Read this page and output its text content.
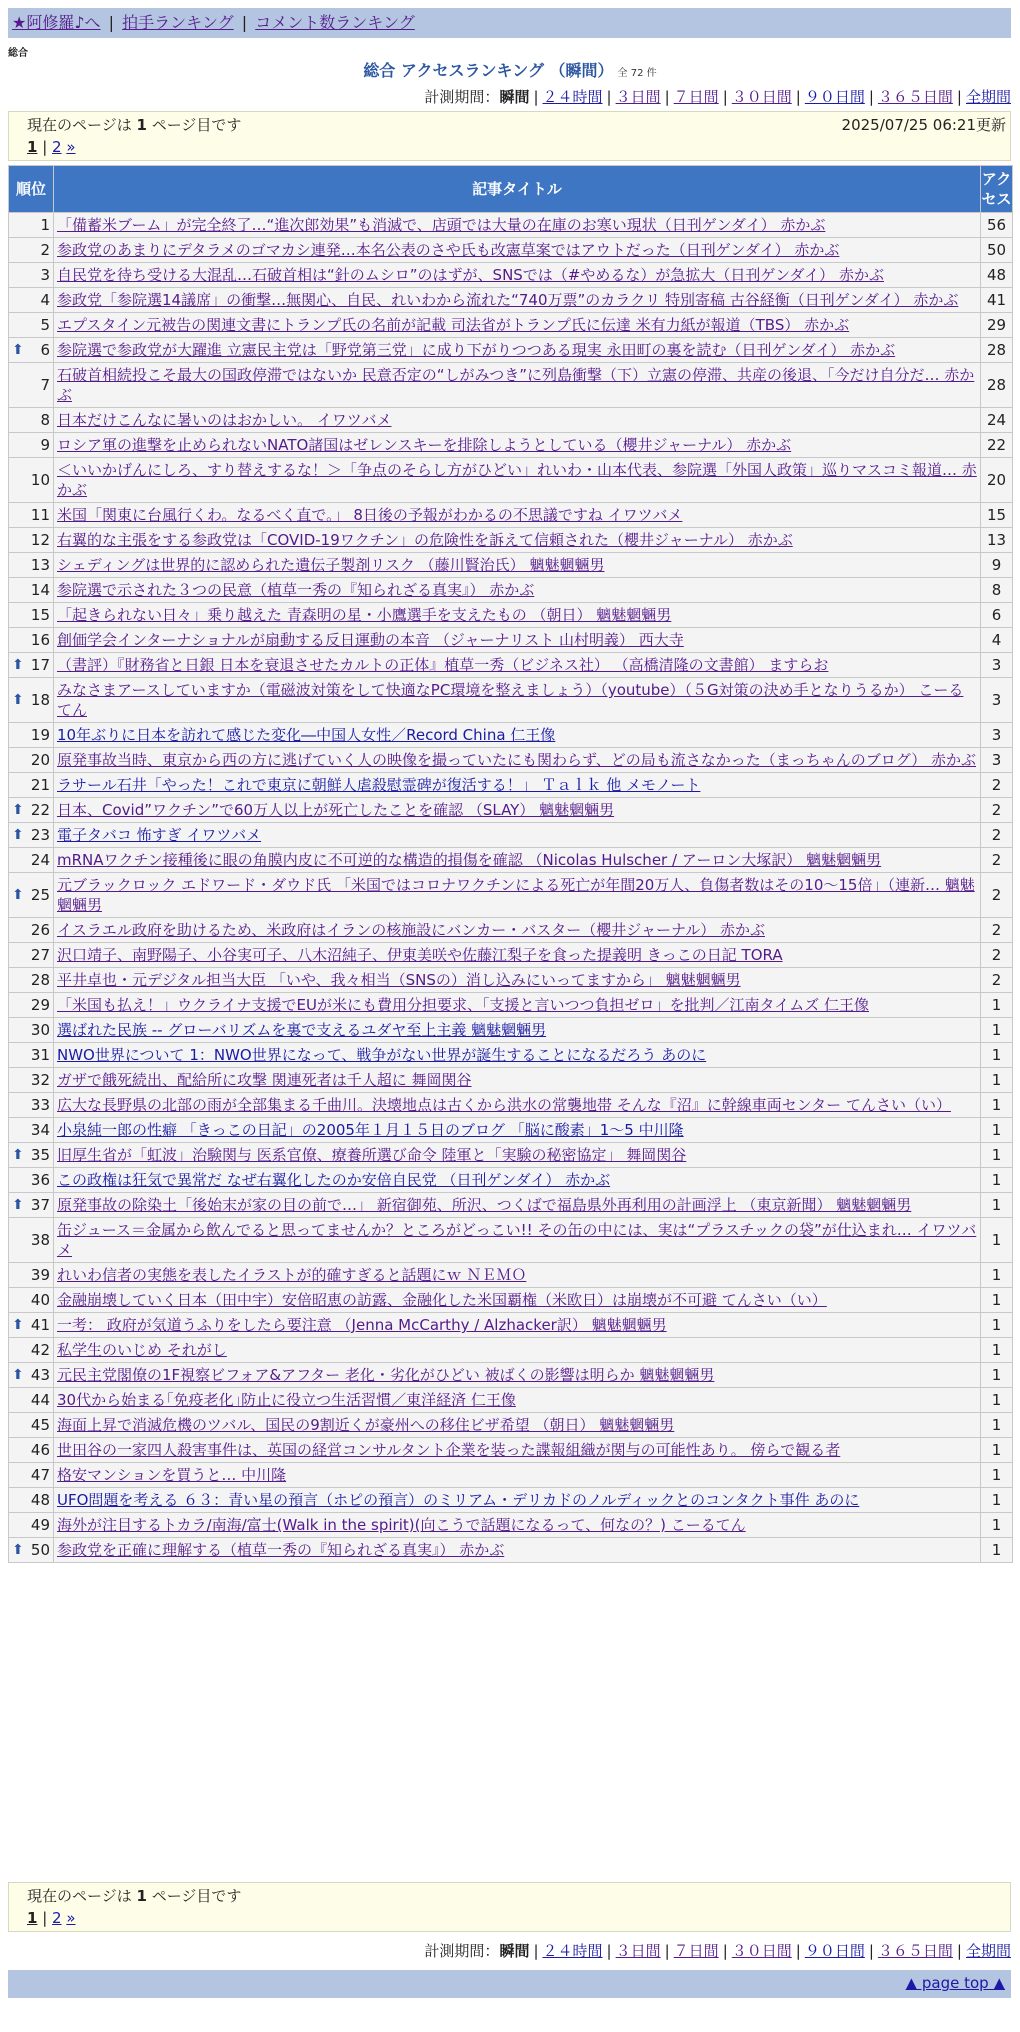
★阿修羅♪へ | 拍手ランキング | コメント数ランキング
総合
総合 アクセスランキング （瞬間） 全 72 件
計測期間：瞬間 | ２４時間 | ３日間 | ７日間 | ３０日間 | ９０日間 | ３６５日間 | 全期間
現在のページは 1 ページ目です	2025/07/25 06:21更新
1 | 2 »
順位	記事タイトル	アクセス
1	「備蓄米ブーム」が完全終了…“進次郎効果”も消滅で、店頭では大量の在庫のお寒い現状（日刊ゲンダイ） 赤かぶ	56
2	参政党のあまりにデタラメのゴマカシ連発…本名公表のさや氏も改憲草案ではアウトだった（日刊ゲンダイ） 赤かぶ	50
3	自民党を待ち受ける大混乱…石破首相は“針のムシロ”のはずが、SNSでは（#やめるな）が急拡大（日刊ゲンダイ） 赤かぶ	48
4	参政党「参院選14議席」の衝撃…無関心、自民、れいわから流れた“740万票”のカラクリ 特別寄稿 古谷経衡（日刊ゲンダイ） 赤かぶ	41
5	エプスタイン元被告の関連文書にトランプ氏の名前が記載 司法省がトランプ氏に伝達 米有力紙が報道（TBS） 赤かぶ	29

⬆ 6	参院選で参政党が大躍進 立憲民主党は「野党第三党」に成り下がりつつある現実 永田町の裏を読む（日刊ゲンダイ） 赤かぶ	28
7	石破首相続投こそ最大の国政停滞ではないか 民意否定の“しがみつき”に列島衝撃（下）立憲の停滞、共産の後退、「今だけ自分だ… 赤かぶ	28
8	日本だけこんなに暑いのはおかしい。 イワツバメ	24
9	ロシア軍の進撃を止められないNATO諸国はゼレンスキーを排除しようとしている（櫻井ジャーナル） 赤かぶ	22
10	＜いいかげんにしろ、すり替えするな！＞「争点のそらし方がひどい」れいわ・山本代表、参院選「外国人政策」巡りマスコミ報道… 赤かぶ	20
11	米国「関東に台風行くわ。なるべく直で。」 8日後の予報がわかるの不思議ですね イワツバメ	15
12	右翼的な主張をする参政党は「COVID-19ワクチン」の危険性を訴えて信頼された（櫻井ジャーナル） 赤かぶ	13
13	シェディングは世界的に認められた遺伝子製剤リスク （藤川賢治氏） 魑魅魍魎男	9
14	参院選で示された３つの民意（植草一秀の『知られざる真実』） 赤かぶ	8
15	「起きられない日々」乗り越えた 青森明の星・小鷹選手を支えたもの （朝日） 魑魅魍魎男	6
16	創価学会インターナショナルが扇動する反日運動の本音 （ジャーナリスト 山村明義） 西大寺	4

⬆ 17	（書評）『財務省と日銀 日本を衰退させたカルトの正体』植草一秀（ビジネス社） （高橋清隆の文書館） ますらお	3

⬆ 18	みなさまアースしていますか（電磁波対策をして快適なPC環境を整えましょう）（youtube）（５G対策の決め手となりうるか） こーるてん	3
19	10年ぶりに日本を訪れて感じた変化―中国人女性／Record China 仁王像	3
20	原発事故当時、東京から西の方に逃げていく人の映像を撮っていたにも関わらず、どの局も流さなかった（まっちゃんのブログ） 赤かぶ	3
21	ラサール石井「やった！これで東京に朝鮮人虐殺慰霊碑が復活する！」 Ｔａｌｋ 他 メモノート	2

⬆ 22	日本、Covid”ワクチン”で60万人以上が死亡したことを確認 （SLAY） 魑魅魍魎男	2

⬆ 23	電子タバコ 怖すぎ イワツバメ	2
24	mRNAワクチン接種後に眼の角膜内皮に不可逆的な構造的損傷を確認 （Nicolas Hulscher / アーロン大塚訳） 魑魅魍魎男	2

⬆ 25	元ブラックロック エドワード・ダウド氏 「米国ではコロナワクチンによる死亡が年間20万人、負傷者数はその10～15倍」（連新… 魑魅魍魎男	2
26	イスラエル政府を助けるため、米政府はイランの核施設にバンカー・バスター（櫻井ジャーナル） 赤かぶ	2
27	沢口靖子、南野陽子、小谷実可子、八木沼純子、伊東美咲や佐藤江梨子を食った提義明 きっこの日記 TORA	2
28	平井卓也・元デジタル担当大臣 「いや、我々相当（SNSの）消し込みにいってますから」 魑魅魍魎男	2
29	「米国も払え！」ウクライナ支援でEUが米にも費用分担要求、「支援と言いつつ負担ゼロ」を批判／江南タイムズ 仁王像	1
30	選ばれた民族 -- グローバリズムを裏で支えるユダヤ至上主義 魑魅魍魎男	1
31	NWO世界について 1：NWO世界になって、戦争がない世界が誕生することになるだろう あのに	1
32	ガザで餓死続出、配給所に攻撃 関連死者は千人超に 舞岡関谷	1
33	広大な長野県の北部の雨が全部集まる千曲川。決壊地点は古くから洪水の常襲地帯 そんな『沼』に幹線車両センター てんさい（い）	1
34	小泉純一郎の性癖 「きっこの日記」の2005年１月１５日のブログ 「脳に酸素」1～5 中川隆	1

⬆ 35	旧厚生省が「虹波」治験関与 医系官僚、療養所選び命令 陸軍と「実験の秘密協定」 舞岡関谷	1
36	この政権は狂気で異常だ なぜ右翼化したのか安倍自民党 （日刊ゲンダイ） 赤かぶ	1

⬆ 37	原発事故の除染土「後始末が家の目の前で…」 新宿御苑、所沢、つくばで福島県外再利用の計画浮上 （東京新聞） 魑魅魍魎男	1
38	缶ジュース＝金属から飲んでると思ってませんか？ところがどっこい!! その缶の中には、実は“プラスチックの袋”が仕込まれ… イワツバメ	1
39	れいわ信者の実態を表したイラストが的確すぎると話題にｗ ＮＥＭＯ	1
40	金融崩壊していく日本（田中宇）安倍昭恵の訪露、金融化した米国覇権（米欧日）は崩壊が不可避 てんさい（い）	1

⬆ 41	一考： 政府が気道うふりをしたら要注意 （Jenna McCarthy / Alzhacker訳） 魑魅魍魎男	1
42	私学生のいじめ それがし	1

⬆ 43	元民主党閣僚の1F視察ビフォア&アフター 老化・劣化がひどい 被ばくの影響は明らか 魑魅魍魎男	1
44	30代から始まる｢免疫老化｣防止に役立つ生活習慣／東洋経済 仁王像	1
45	海面上昇で消滅危機のツバル、国民の9割近くが豪州への移住ビザ希望 （朝日） 魑魅魍魎男	1
46	世田谷の一家四人殺害事件は、英国の経営コンサルタント企業を装った諜報組織が関与の可能性あり。 傍らで観る者	1
47	格安マンションを買うと… 中川隆	1
48	UFO問題を考える ６３：青い星の預言（ホピの預言）のミリアム・デリカドのノルディックとのコンタクト事件 あのに	1
49	海外が注目するトカラ/南海/富士(Walk in the spirit)(向こうで話題になるって、何なの？) こーるてん	1

⬆ 50	参政党を正確に理解する（植草一秀の『知られざる真実』） 赤かぶ	1
現在のページは 1 ページ目です
1 | 2 »
計測期間：瞬間 | ２４時間 | ３日間 | ７日間 | ３０日間 | ９０日間 | ３６５日間 | 全期間
▲ page top ▲
